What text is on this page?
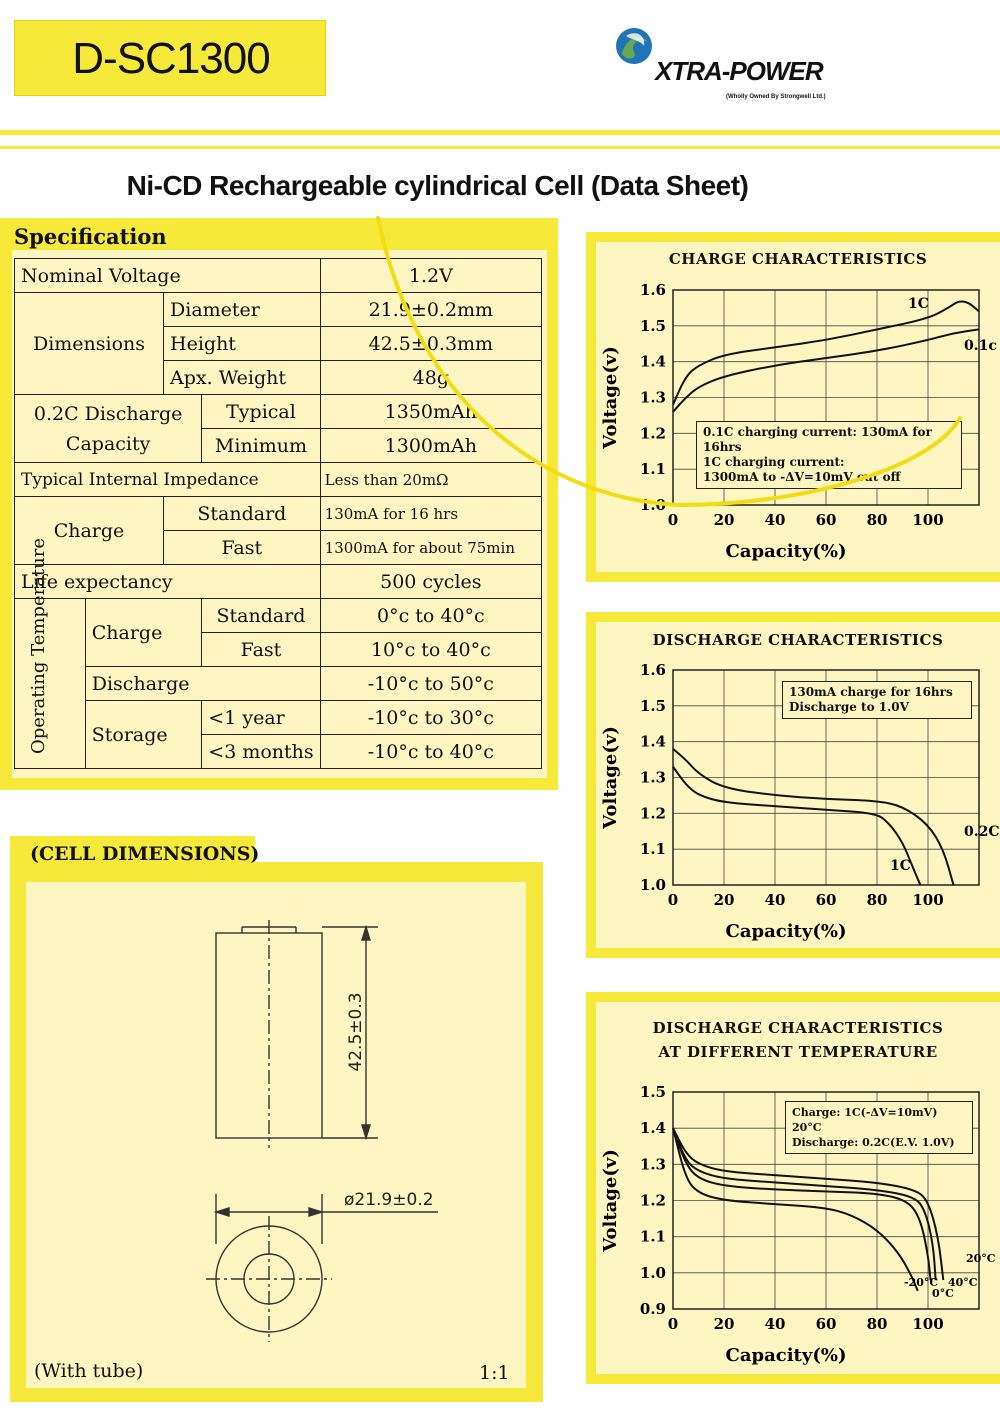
D-SC1300	XTRA-POWER
(Wholly Owned By Strongwell Ltd.)
Ni-CD Rechargeable cylindrical Cell (Data Sheet)
Specification
Nominal Voltage				1.2V
Dimensions		Diameter		21.9±0.2mm
		Height		42.5±0.3mm
		Apx. Weight		48g

0.2C Discharge
Capacity			Typical	1350mAh
			Minimum	1300mAh
Typical Internal Impedance				Less than 20mΩ
Charge		Standard		130mA for 16 hrs
		Fast		1300mA for about 75min
Life expectancy				500 cycles

Operating Temperature	Charge		Standard	0°c to 40°c
			Fast	10°c to 40°c
	Discharge			-10°c to 50°c
	Storage		<1 year	-10°c to 30°c
			<3 months	-10°c to 40°c
(CELL DIMENSIONS)
42.5±0.3
ø21.9±0.2
(With tube)	1:1
CHARGE CHARACTERISTICS
DISCHARGE CHARACTERISTICS
DISCHARGE CHARACTERISTICS
AT DIFFERENT TEMPERATURE
1.0
1.1
1.2
1.3
1.4
1.5
1.6
0 20 40 60 80 100
Capacity(%)
Voltage(v)
1C
0.1c
1.0
1.1
1.2
1.3
1.4
1.5
1.6
0 20 40 60 80 100
Capacity(%)
Voltage(v)
0.2C
1C
0.9
1.0
1.1
1.2
1.3
1.4
1.5
0 20 40 60 80 100
Capacity(%)
Voltage(v)
20°C
40°C
0°C
-20°C
0.1C charging current: 130mA for 16hrs
1C charging current:
1300mA to -ΔV=10mV cut off
130mA charge for 16hrs
Discharge to 1.0V
Charge: 1C(-ΔV=10mV) 20°C
Discharge: 0.2C(E.V. 1.0V)
